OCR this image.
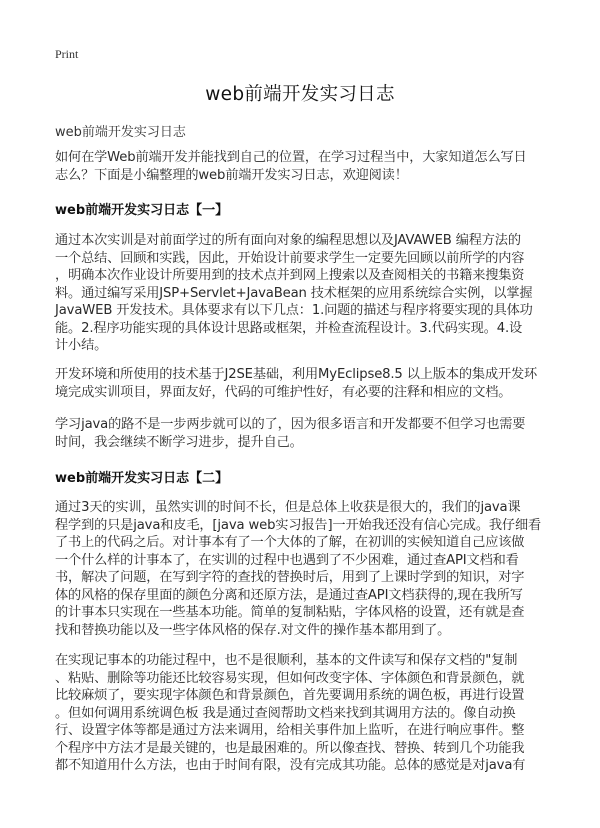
Print
web前端开发实习日志
web前端开发实习日志
如何在学Web前端开发并能找到自己的位置，在学习过程当中，大家知道怎么写日
志么？下面是小编整理的web前端开发实习日志，欢迎阅读！
web前端开发实习日志【一】
通过本次实训是对前面学过的所有面向对象的编程思想以及JAVAWEB 编程方法的
一个总结、回顾和实践，因此，开始设计前要求学生一定要先回顾以前所学的内容
，明确本次作业设计所要用到的技术点并到网上搜索以及查阅相关的书籍来搜集资
料。通过编写采用JSP+Servlet+JavaBean 技术框架的应用系统综合实例，以掌握
JavaWEB 开发技术。具体要求有以下几点：1.问题的描述与程序将要实现的具体功
能。2.程序功能实现的具体设计思路或框架，并检查流程设计。3.代码实现。4.设
计小结。
开发环境和所使用的技术基于J2SE基础，利用MyEclipse8.5 以上版本的集成开发环
境完成实训项目，界面友好，代码的可维护性好，有必要的注释和相应的文档。
学习java的路不是一步两步就可以的了，因为很多语言和开发都要不但学习也需要
时间，我会继续不断学习进步，提升自己。
web前端开发实习日志【二】
通过3天的实训，虽然实训的时间不长，但是总体上收获是很大的，我们的java课
程学到的只是java和皮毛，[java web实习报告]一开始我还没有信心完成。我仔细看
了书上的代码之后。对计事本有了一个大体的了解，在初训的实候知道自己应该做
一个什么样的计事本了，在实训的过程中也遇到了不少困难，通过查API文档和看
书，解决了问题，在写到字符的查找的替换时后，用到了上课时学到的知识，对字
体的风格的保存里面的颜色分离和还原方法，是通过查API文档获得的,现在我所写
的计事本只实现在一些基本功能。简单的复制粘贴，字体风格的设置，还有就是查
找和替换功能以及一些字体风格的保存.对文件的操作基本都用到了。
在实现记事本的功能过程中，也不是很顺利，基本的文件读写和保存文档的"复制
、粘贴、删除等功能还比较容易实现，但如何改变字体、字体颜色和背景颜色，就
比较麻烦了，要实现字体颜色和背景颜色，首先要调用系统的调色板，再进行设置
。但如何调用系统调色板 我是通过查阅帮助文档来找到其调用方法的。像自动换
行、设置字体等都是通过方法来调用，给相关事件加上监听，在进行响应事件。整
个程序中方法才是最关键的，也是最困难的。所以像查找、替换、转到几个功能我
都不知道用什么方法，也由于时间有限，没有完成其功能。总体的感觉是对java有
